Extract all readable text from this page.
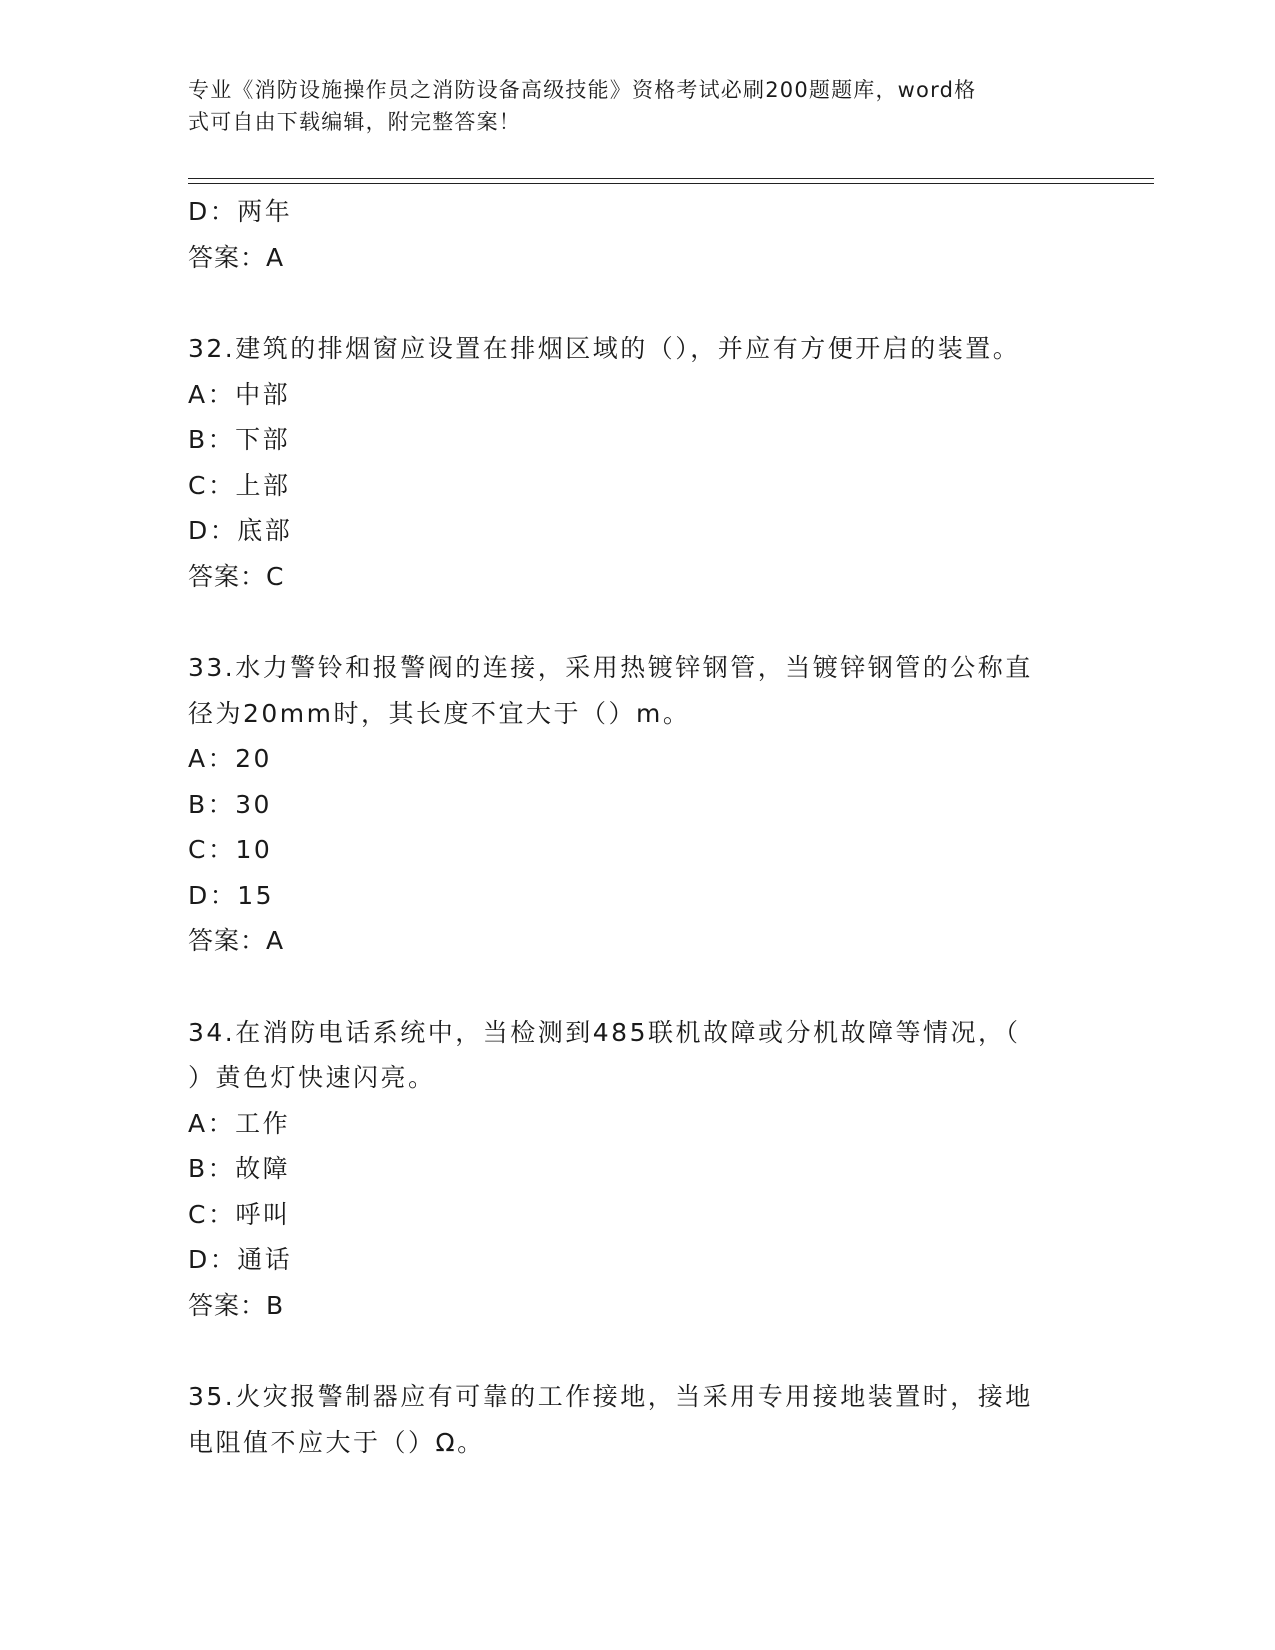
专业《消防设施操作员之消防设备高级技能》资格考试必刷200题题库，word格
式可自由下载编辑，附完整答案！
D：两年
答案：A
32.建筑的排烟窗应设置在排烟区域的（），并应有方便开启的装置。
A：中部
B：下部
C：上部
D：底部
答案：C
33.水力警铃和报警阀的连接，采用热镀锌钢管，当镀锌钢管的公称直
径为20mm时，其长度不宜大于（）m。
A：20
B：30
C：10
D：15
答案：A
34.在消防电话系统中，当检测到485联机故障或分机故障等情况，（
）黄色灯快速闪亮。
A：工作
B：故障
C：呼叫
D：通话
答案：B
35.火灾报警制器应有可靠的工作接地，当采用专用接地装置时，接地
电阻值不应大于（）Ω。
